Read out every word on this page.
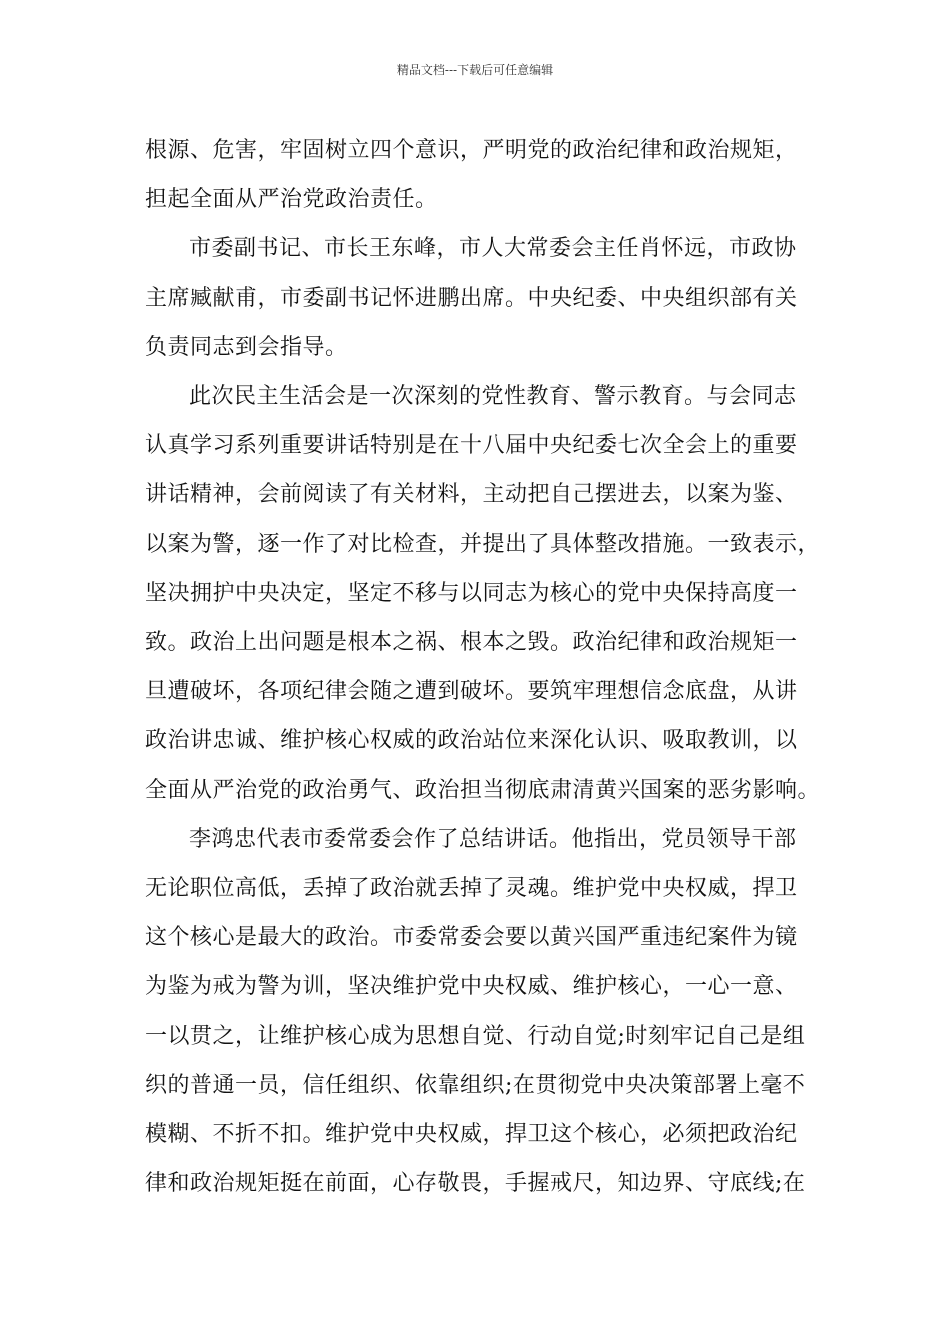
精品文档---下载后可任意编辑

根源、危害，牢固树立四个意识，严明党的政治纪律和政治规矩，
担起全面从严治党政治责任。

市委副书记、市长王东峰，市人大常委会主任肖怀远，市政协
主席臧献甫，市委副书记怀进鹏出席。中央纪委、中央组织部有关
负责同志到会指导。

此次民主生活会是一次深刻的党性教育、警示教育。与会同志
认真学习系列重要讲话特别是在十八届中央纪委七次全会上的重要
讲话精神，会前阅读了有关材料，主动把自己摆进去，以案为鉴、
以案为警，逐一作了对比检查，并提出了具体整改措施。一致表示，
坚决拥护中央决定，坚定不移与以同志为核心的党中央保持高度一
致。政治上出问题是根本之祸、根本之毁。政治纪律和政治规矩一
旦遭破坏，各项纪律会随之遭到破坏。要筑牢理想信念底盘，从讲
政治讲忠诚、维护核心权威的政治站位来深化认识、吸取教训，以
全面从严治党的政治勇气、政治担当彻底肃清黄兴国案的恶劣影响。

李鸿忠代表市委常委会作了总结讲话。他指出，党员领导干部
无论职位高低，丢掉了政治就丢掉了灵魂。维护党中央权威，捍卫
这个核心是最大的政治。市委常委会要以黄兴国严重违纪案件为镜
为鉴为戒为警为训，坚决维护党中央权威、维护核心，一心一意、
一以贯之，让维护核心成为思想自觉、行动自觉;时刻牢记自己是组
织的普通一员，信任组织、依靠组织;在贯彻党中央决策部署上毫不
模糊、不折不扣。维护党中央权威，捍卫这个核心，必须把政治纪
律和政治规矩挺在前面，心存敬畏，手握戒尺，知边界、守底线;在
